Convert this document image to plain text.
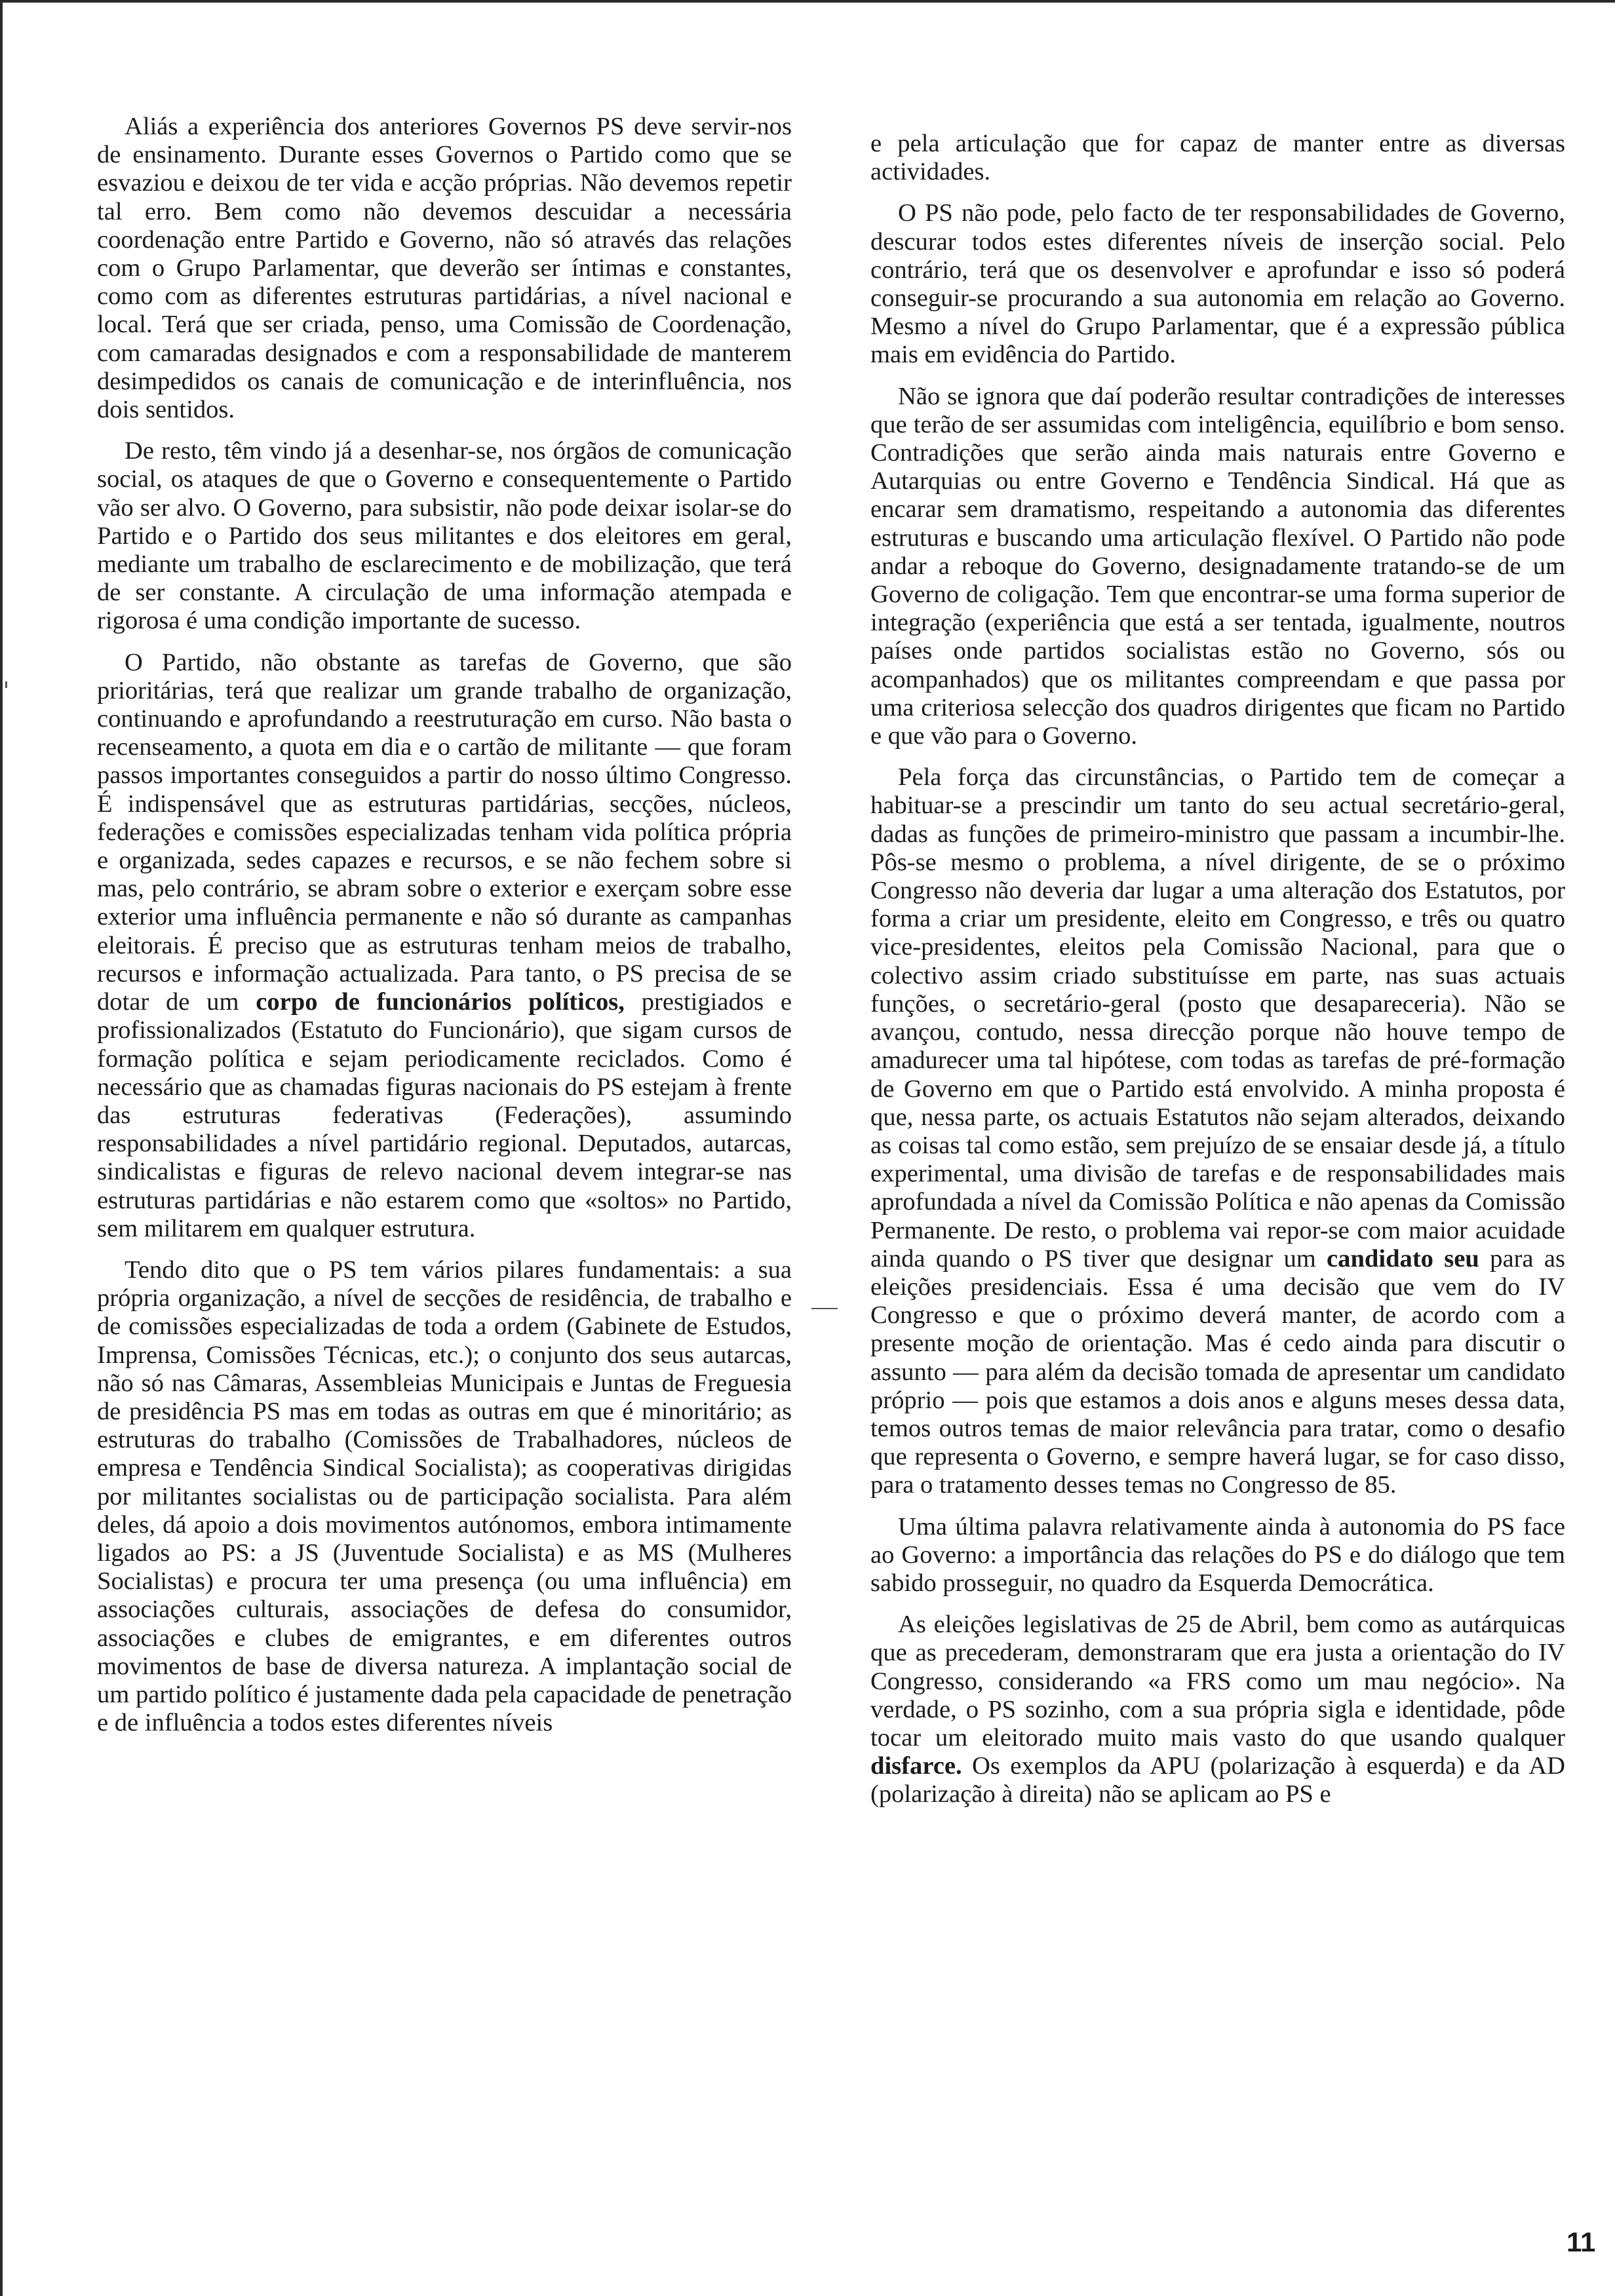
Aliás a experiência dos anteriores Governos PS deve servir-nos de ensinamento. Durante esses Governos o Partido como que se esvaziou e deixou de ter vida e acção próprias. Não devemos repetir tal erro. Bem como não devemos descuidar a necessária coordenação entre Partido e Governo, não só através das relações com o Grupo Parlamentar, que deverão ser íntimas e constantes, como com as diferentes estruturas partidárias, a nível nacional e local. Terá que ser criada, penso, uma Comissão de Coordenação, com camaradas designados e com a responsabilidade de manterem desimpedidos os canais de comunicação e de interinfluência, nos dois sentidos.

De resto, têm vindo já a desenhar-se, nos órgãos de comunicação social, os ataques de que o Governo e consequentemente o Partido vão ser alvo. O Governo, para subsistir, não pode deixar isolar-se do Partido e o Partido dos seus militantes e dos eleitores em geral, mediante um trabalho de esclarecimento e de mobilização, que terá de ser constante. A circulação de uma informação atempada e rigorosa é uma condição importante de sucesso.

O Partido, não obstante as tarefas de Governo, que são prioritárias, terá que realizar um grande trabalho de organização, continuando e aprofundando a reestruturação em curso. Não basta o recenseamento, a quota em dia e o cartão de militante — que foram passos importantes conseguidos a partir do nosso último Congresso. É indispensável que as estruturas partidárias, secções, núcleos, federações e comissões especializadas tenham vida política própria e organizada, sedes capazes e recursos, e se não fechem sobre si mas, pelo contrário, se abram sobre o exterior e exerçam sobre esse exterior uma influência permanente e não só durante as campanhas eleitorais. É preciso que as estruturas tenham meios de trabalho, recursos e informação actualizada. Para tanto, o PS precisa de se dotar de um corpo de funcionários políticos, prestigiados e profissionalizados (Estatuto do Funcionário), que sigam cursos de formação política e sejam periodicamente reciclados. Como é necessário que as chamadas figuras nacionais do PS estejam à frente das estruturas federativas (Federações), assumindo responsabilidades a nível partidário regional. Deputados, autarcas, sindicalistas e figuras de relevo nacional devem integrar-se nas estruturas partidárias e não estarem como que «soltos» no Partido, sem militarem em qualquer estrutura.

Tendo dito que o PS tem vários pilares fundamentais: a sua própria organização, a nível de secções de residência, de trabalho e de comissões especializadas de toda a ordem (Gabinete de Estudos, Imprensa, Comissões Técnicas, etc.); o conjunto dos seus autarcas, não só nas Câmaras, Assembleias Municipais e Juntas de Freguesia de presidência PS mas em todas as outras em que é minoritário; as estruturas do trabalho (Comissões de Trabalhadores, núcleos de empresa e Tendência Sindical Socialista); as cooperativas dirigidas por militantes socialistas ou de participação socialista. Para além deles, dá apoio a dois movimentos autónomos, embora intimamente ligados ao PS: a JS (Juventude Socialista) e as MS (Mulheres Socialistas) e procura ter uma presença (ou uma influência) em associações culturais, associações de defesa do consumidor, associações e clubes de emigrantes, e em diferentes outros movimentos de base de diversa natureza. A implantação social de um partido político é justamente dada pela capacidade de penetração e de influência a todos estes diferentes níveis

e pela articulação que for capaz de manter entre as diversas actividades.

O PS não pode, pelo facto de ter responsabilidades de Governo, descurar todos estes diferentes níveis de inserção social. Pelo contrário, terá que os desenvolver e aprofundar e isso só poderá conseguir-se procurando a sua autonomia em relação ao Governo. Mesmo a nível do Grupo Parlamentar, que é a expressão pública mais em evidência do Partido.

Não se ignora que daí poderão resultar contradições de interesses que terão de ser assumidas com inteligência, equilíbrio e bom senso. Contradições que serão ainda mais naturais entre Governo e Autarquias ou entre Governo e Tendência Sindical. Há que as encarar sem dramatismo, respeitando a autonomia das diferentes estruturas e buscando uma articulação flexível. O Partido não pode andar a reboque do Governo, designadamente tratando-se de um Governo de coligação. Tem que encontrar-se uma forma superior de integração (experiência que está a ser tentada, igualmente, noutros países onde partidos socialistas estão no Governo, sós ou acompanhados) que os militantes compreendam e que passa por uma criteriosa selecção dos quadros dirigentes que ficam no Partido e que vão para o Governo.

Pela força das circunstâncias, o Partido tem de começar a habituar-se a prescindir um tanto do seu actual secretário-geral, dadas as funções de primeiro-ministro que passam a incumbir-lhe. Pôs-se mesmo o problema, a nível dirigente, de se o próximo Congresso não deveria dar lugar a uma alteração dos Estatutos, por forma a criar um presidente, eleito em Congresso, e três ou quatro vice-presidentes, eleitos pela Comissão Nacional, para que o colectivo assim criado substituísse em parte, nas suas actuais funções, o secretário-geral (posto que desapareceria). Não se avançou, contudo, nessa direcção porque não houve tempo de amadurecer uma tal hipótese, com todas as tarefas de pré-formação de Governo em que o Partido está envolvido. A minha proposta é que, nessa parte, os actuais Estatutos não sejam alterados, deixando as coisas tal como estão, sem prejuízo de se ensaiar desde já, a título experimental, uma divisão de tarefas e de responsabilidades mais aprofundada a nível da Comissão Política e não apenas da Comissão Permanente. De resto, o problema vai repor-se com maior acuidade ainda quando o PS tiver que designar um candidato seu para as eleições presidenciais. Essa é uma decisão que vem do IV Congresso e que o próximo deverá manter, de acordo com a presente moção de orientação. Mas é cedo ainda para discutir o assunto — para além da decisão tomada de apresentar um candidato próprio — pois que estamos a dois anos e alguns meses dessa data, temos outros temas de maior relevância para tratar, como o desafio que representa o Governo, e sempre haverá lugar, se for caso disso, para o tratamento desses temas no Congresso de 85.

Uma última palavra relativamente ainda à autonomia do PS face ao Governo: a importância das relações do PS e do diálogo que tem sabido prosseguir, no quadro da Esquerda Democrática.

As eleições legislativas de 25 de Abril, bem como as autárquicas que as precederam, demonstraram que era justa a orientação do IV Congresso, considerando «a FRS como um mau negócio». Na verdade, o PS sozinho, com a sua própria sigla e identidade, pôde tocar um eleitorado muito mais vasto do que usando qualquer disfarce. Os exemplos da APU (polarização à esquerda) e da AD (polarização à direita) não se aplicam ao PS e

11
